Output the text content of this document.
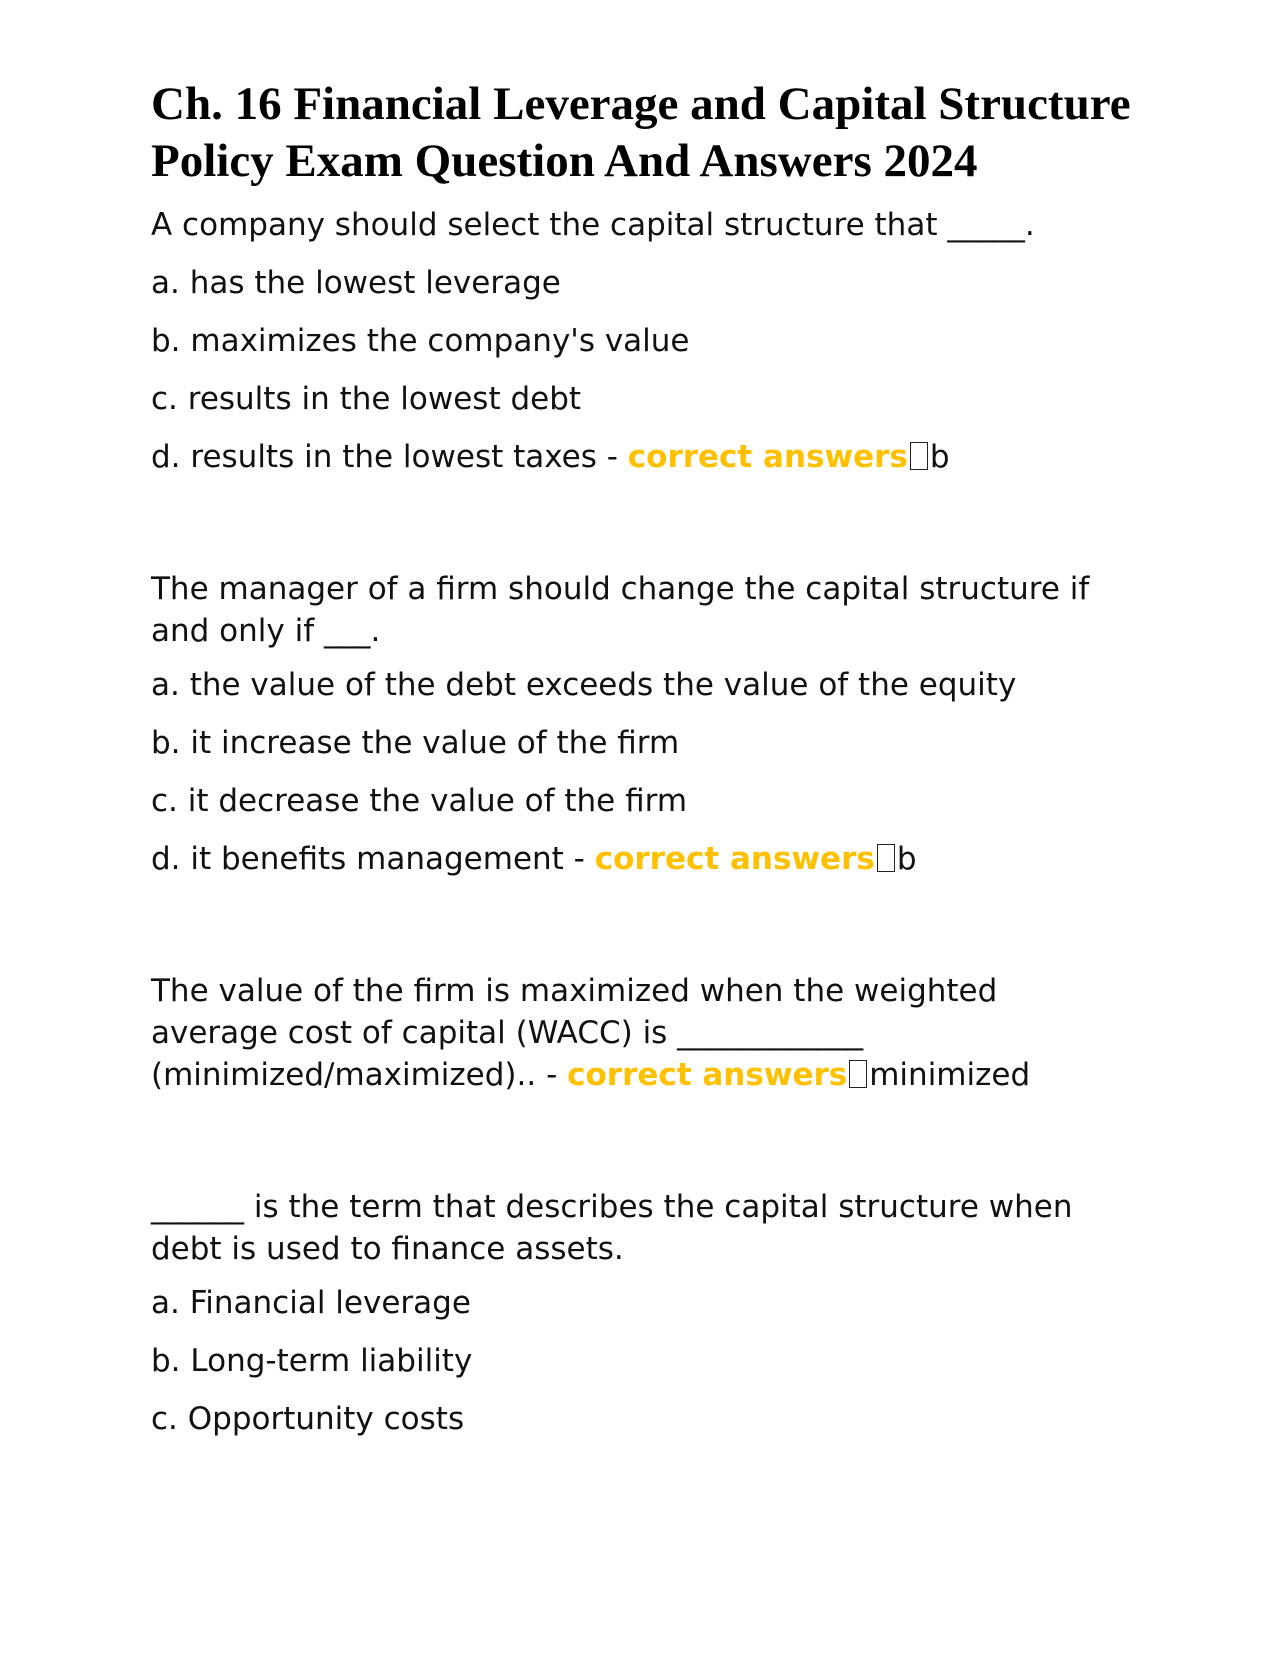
Ch. 16 Financial Leverage and Capital Structure Policy Exam Question And Answers 2024
A company should select the capital structure that _____.
a. has the lowest leverage
b. maximizes the company's value
c. results in the lowest debt
d. results in the lowest taxes - correct answers b
The manager of a firm should change the capital structure if and only if ___.
a. the value of the debt exceeds the value of the equity
b. it increase the value of the firm
c. it decrease the value of the firm
d. it benefits management - correct answers b
The value of the firm is maximized when the weighted average cost of capital (WACC) is ____________ (minimized/maximized).. - correct answers minimized
______ is the term that describes the capital structure when debt is used to finance assets.
a. Financial leverage
b. Long-term liability
c. Opportunity costs
